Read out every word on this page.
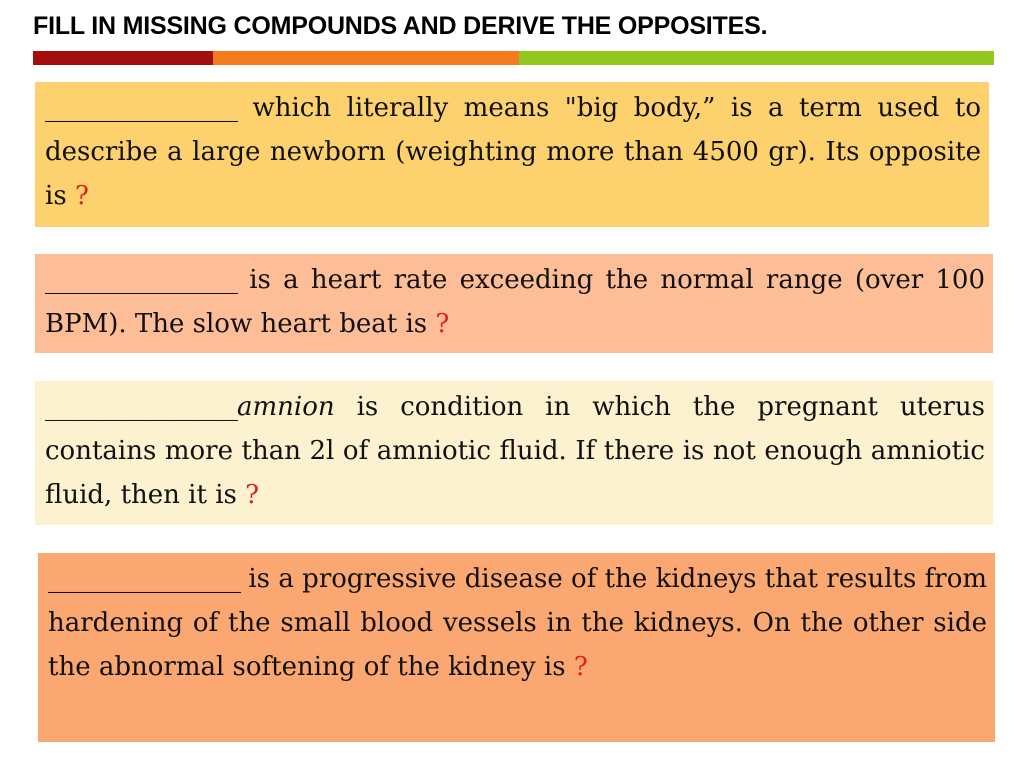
FILL IN MISSING COMPOUNDS AND DERIVE THE OPPOSITES.
________________ which literally means "big body,” is a term used to describe a large newborn (weighting more than 4500 gr). Its opposite is ?
________________ is a heart rate exceeding the normal range (over 100 BPM). The slow heart beat is ?
________________amnion is condition in which the pregnant uterus contains more than 2l of amniotic fluid. If there is not enough amniotic fluid, then it is ?
________________ is a progressive disease of the kidneys that results from hardening of the small blood vessels in the kidneys. On the other side the abnormal softening of the kidney is ?
